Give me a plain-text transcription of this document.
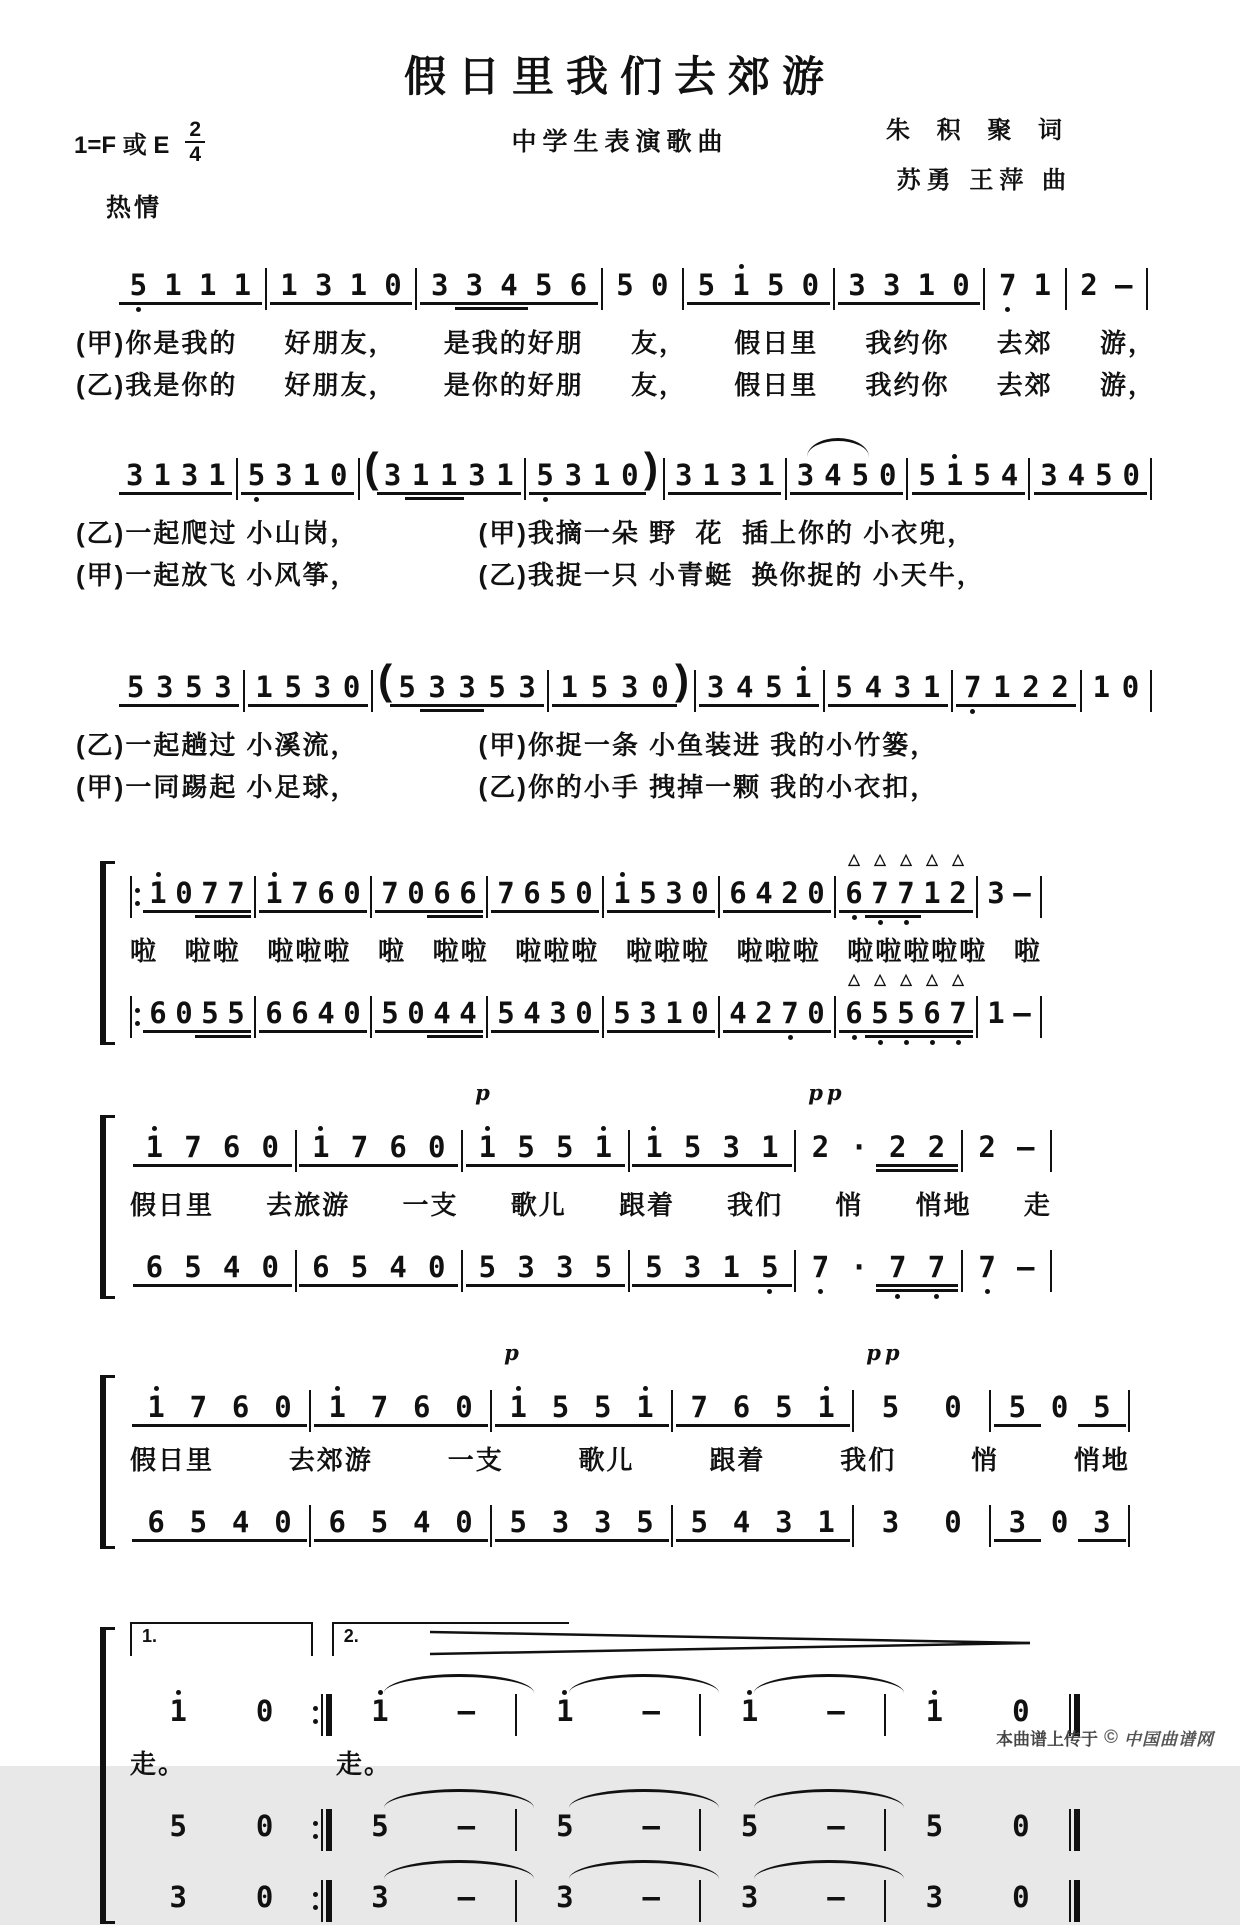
假日里我们去郊游
中学生表演歌曲
1=F 或 E $\frac{2}{4}$
热情
朱 积 聚 词
苏勇 王萍 曲
5 1 1 1 1 3 1 0 3 3 4 5 6 5 0 5 1 5 0 3 3 1 0 7 1 2 –
(甲)你是我的 好朋友， 是我的好朋 友， 假日里 我约你 去郊 游，
(乙)我是你的 好朋友， 是你的好朋 友， 假日里 我约你 去郊 游，
3 1 3 1 5 3 1 0 ( 3 1 1 3 1 5 3 1 0 ) 3 1 3 1 3 4 5 0 5 1 5 4 3 4 5 0
(乙)一起爬过 小山岗，	(甲)我摘一朵 野  花  插上你的 小衣兜，
(甲)一起放飞 小风筝，	(乙)我捉一只 小青蜓  换你捉的 小天牛，
5 3 5 3 1 5 3 0 ( 5 3 3 5 3 1 5 3 0 ) 3 4 5 1 5 4 3 1 7 1 2 2 1 0
(乙)一起趟过 小溪流，	(甲)你捉一条 小鱼装进 我的小竹篓，
(甲)一同踢起 小足球，	(乙)你的小手 拽掉一颗 我的小衣扣，
1 0 7 7 1 7 6 0 7 0 6 6 7 6 5 0 1 5 3 0 6 4 2 0
△
6
△
7
△
7
△
1
△
2 3 –
啦 啦啦 啦啦啦 啦 啦啦 啦啦啦 啦啦啦 啦啦啦 啦啦啦啦啦 啦
6 0 5 5 6 6 4 0 5 0 4 4 5 4 3 0 5 3 1 0 4 2 7 0
△
6
△
5
△
5
△
6
△
7 1 –
1 7 6 0 1 7 6 0
p
1 5 5 1 1 5 3 1
pp
2 · 2 2 2 –
假日里 去旅游 一支 歌儿 跟着 我们 悄 悄地 走
6 5 4 0 6 5 4 0 5 3 3 5 5 3 1 5 7 · 7 7 7 –
1 7 6 0 1 7 6 0
p
1 5 5 1 7 6 5 1
pp
5 0 5 0 5
假日里	去郊游	一支	歌儿	跟着	我们	悄	悄地
6 5 4 0 6 5 4 0 5 3 3 5 5 4 3 1 3 0 3 0 3
1.
1 0
2.
1 –	1 –	1 –	1 0
走。	走。
5 0	5 –	5 –	5 –	5 0
3 0	3 –	3 –	3 –	3 0
本曲谱上传于 © 中国曲谱网
